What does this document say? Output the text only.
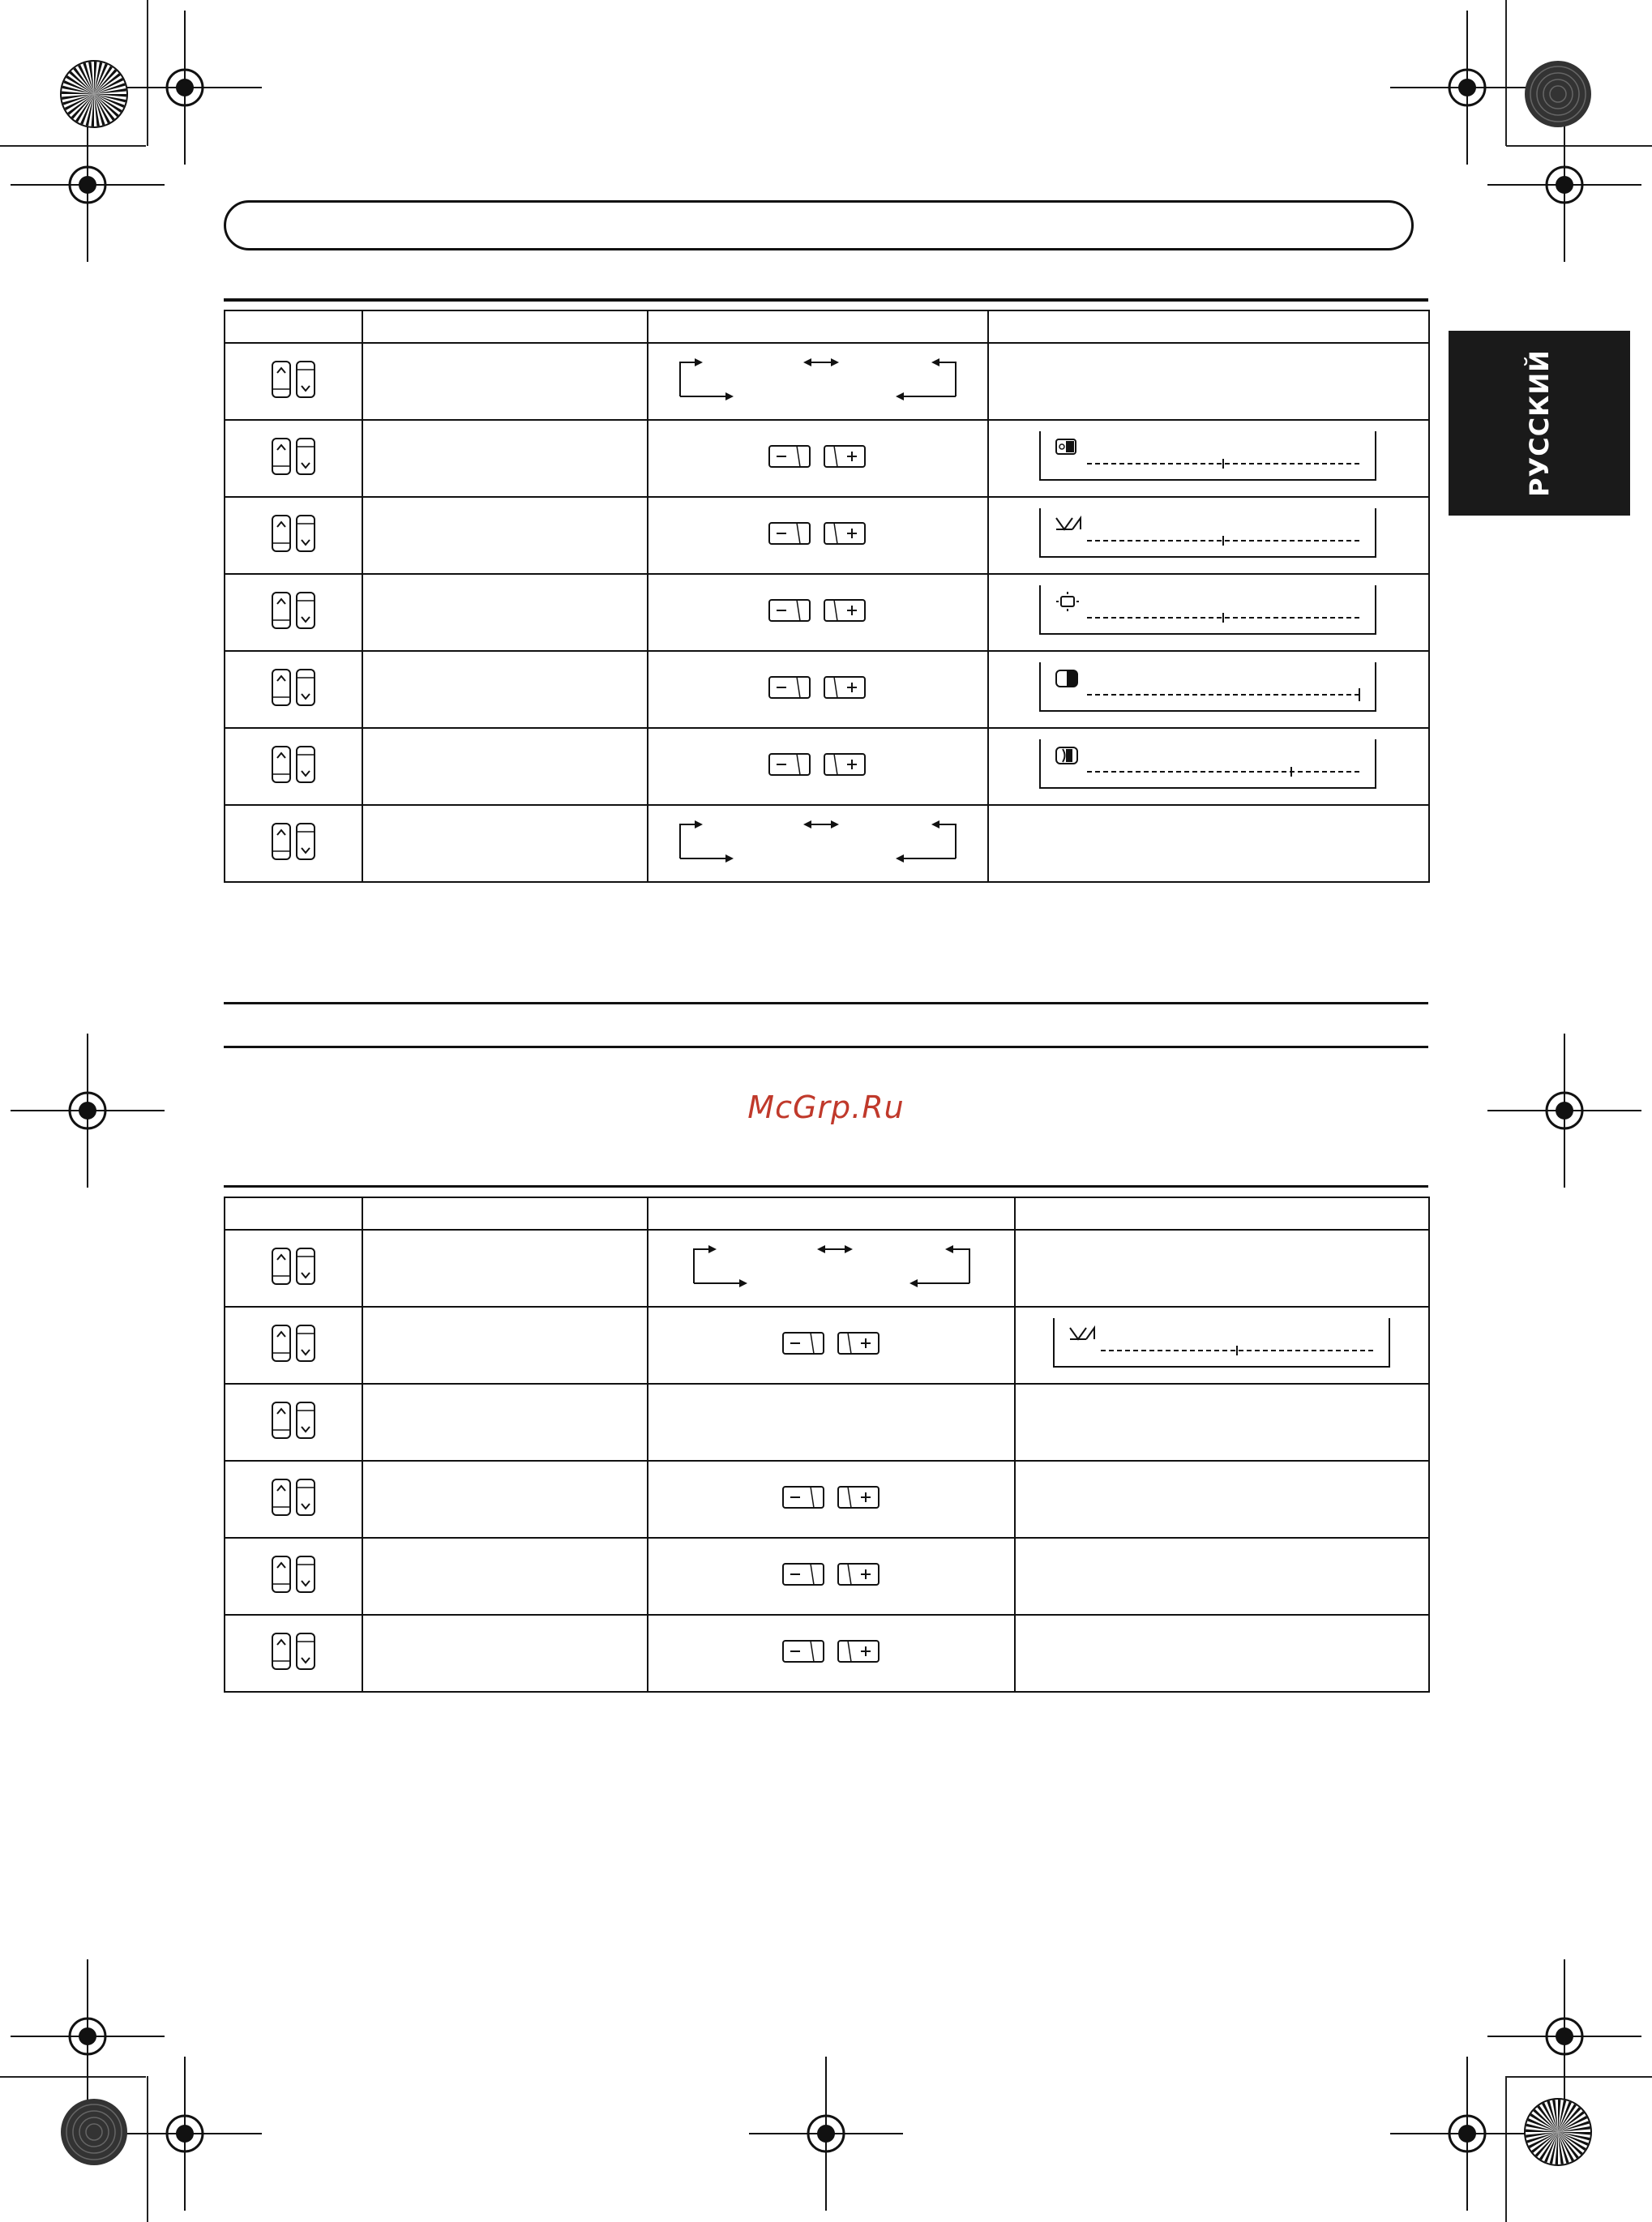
РУССКИЙ

McGrp.Ru
